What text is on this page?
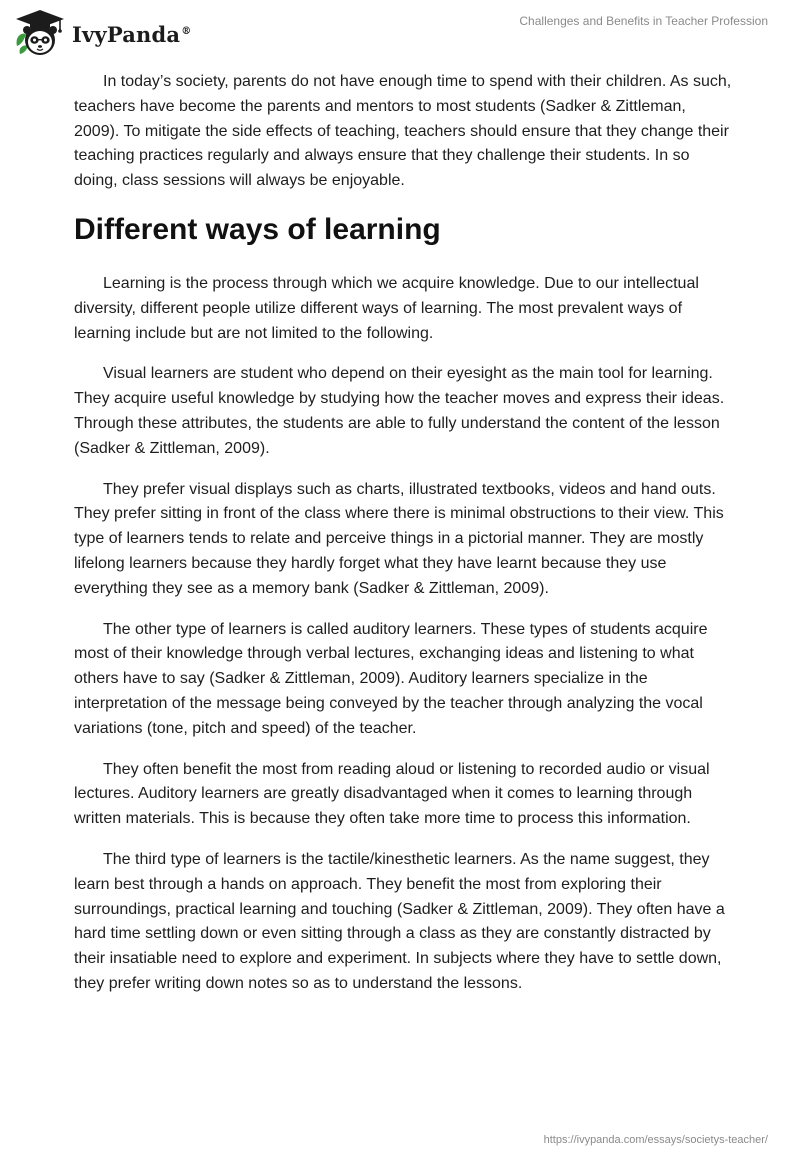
IvyPanda®
Challenges and Benefits in Teacher Profession

In today’s society, parents do not have enough time to spend with their children. As such, teachers have become the parents and mentors to most students (Sadker & Zittleman, 2009). To mitigate the side effects of teaching, teachers should ensure that they change their teaching practices regularly and always ensure that they challenge their students. In so doing, class sessions will always be enjoyable.

Different ways of learning

Learning is the process through which we acquire knowledge. Due to our intellectual diversity, different people utilize different ways of learning. The most prevalent ways of learning include but are not limited to the following.

Visual learners are student who depend on their eyesight as the main tool for learning. They acquire useful knowledge by studying how the teacher moves and express their ideas. Through these attributes, the students are able to fully understand the content of the lesson (Sadker & Zittleman, 2009).

They prefer visual displays such as charts, illustrated textbooks, videos and hand outs. They prefer sitting in front of the class where there is minimal obstructions to their view. This type of learners tends to relate and perceive things in a pictorial manner. They are mostly lifelong learners because they hardly forget what they have learnt because they use everything they see as a memory bank (Sadker & Zittleman, 2009).

The other type of learners is called auditory learners. These types of students acquire most of their knowledge through verbal lectures, exchanging ideas and listening to what others have to say (Sadker & Zittleman, 2009). Auditory learners specialize in the interpretation of the message being conveyed by the teacher through analyzing the vocal variations (tone, pitch and speed) of the teacher.

They often benefit the most from reading aloud or listening to recorded audio or visual lectures. Auditory learners are greatly disadvantaged when it comes to learning through written materials. This is because they often take more time to process this information.

The third type of learners is the tactile/kinesthetic learners. As the name suggest, they learn best through a hands on approach. They benefit the most from exploring their surroundings, practical learning and touching (Sadker & Zittleman, 2009). They often have a hard time settling down or even sitting through a class as they are constantly distracted by their insatiable need to explore and experiment. In subjects where they have to settle down, they prefer writing down notes so as to understand the lessons.

https://ivypanda.com/essays/societys-teacher/
